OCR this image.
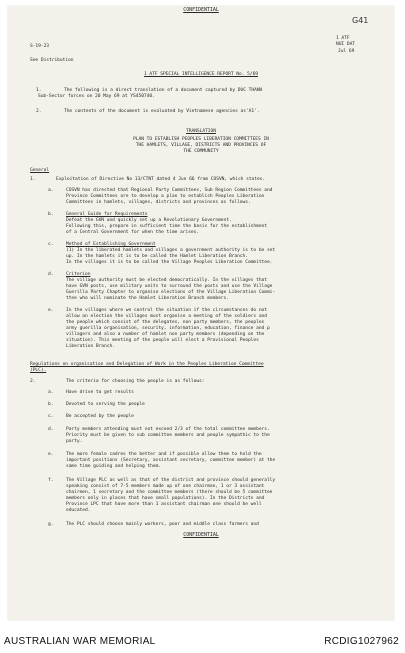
CONFIDENTIAL
G41
S-19-23
See Distribution
1 ATF
NUI DAT
Jul 69
1 ATF SPECIAL INTELLIGENCE REPORT No. 5/69
1.	The following is a direct translation of a document captured by DUC THANH
Sub-Sector forces on 20 May 69 at YS450740.
2.	The contents of the document is evaluated by Vietnamese agencies as'A1'.
TRANSLATION
PLAN TO ESTABLISH PEOPLES LIBERATION COMMITTEES IN
THE HAMLETS, VILLAGE, DISTRICTS AND PROVINCES OF
THE COMMUNITY
General
1.	Exploitation of Directive No 13/CTNT dated 4 Jun 66 from COSVN, which states.
a.	COSVN has directed that Regional Party Committees, Sub Region Committees and
Province Committees are to develop a plan to establish Peoples Liberation
Committees in hamlets, villages, districts and provinces as follows.
b.	General Guide for Requirements
Defeat the GVN and quickly set up a Revolutionary Government.
Following this, prepare in sufficient time the basis for the establishment
of a Central Government for when the time arises.
c.	Method of Establishing Government
(1) In the liberated hamlets and villages a government authority is to be set
up. In the hamlets it is to be called the Hamlet Liberation Branch.
In the villages it is to be called the Village Peoples Liberation Committee.
d.	Criterion
The village authority must be elected democratically. In the villages that
have GVN posts, use military units to surround the posts and use the Village
Guerilla Party Chapter to organise elections of the Village Liberation Commi-
ttee who will nominate the Hamlet Liberation Branch members.
e.	In the villages where we control the situation if the circumstances do not
allow an election the villages must organise a meeting of the soldiers and
the people which consist of the delegates, non party members, the peoples
army guerilla organisation, security, information, education, finance and p
villagers and also a number of hamlet non party members (depending on the
situation). This meeting of the people will elect a Provisional Peoples
Liberation Branch.
Regulations on organisation and Delegation of Work in the Peoples Liberation Committee
(PLC).
2.	The criteria for choosing the people is as follows:
a.	Have drive to get results
b.	Devoted to serving the people
c.	Be accepted by the people
d.	Party members attending must not exceed 2/3 of the total committee members.
Priority must be given to sub committee members and people sympathic to the
party.
e.	The more female cadres the better and if possible allow them to hold the
important positions (Secretary, assistant secretary, committee member) at the
same time guiding and helping them.
f.	The Village PLC as well as that of the district and province should generally
speaking consist of 7-5 members made up of one chairman, 1 or 3 assistant
chairmen, 1 secretary and the committee members (there should be 5 committee
members only in places that have small populations). In the Districts and
Province LPC that have more than 1 assistant chairman one should be well
educated.
g.	The PLC should choose mainly workers, poor and middle class farmers and
CONFIDENTIAL
AUSTRALIAN WAR MEMORIAL	RCDIG1027962
